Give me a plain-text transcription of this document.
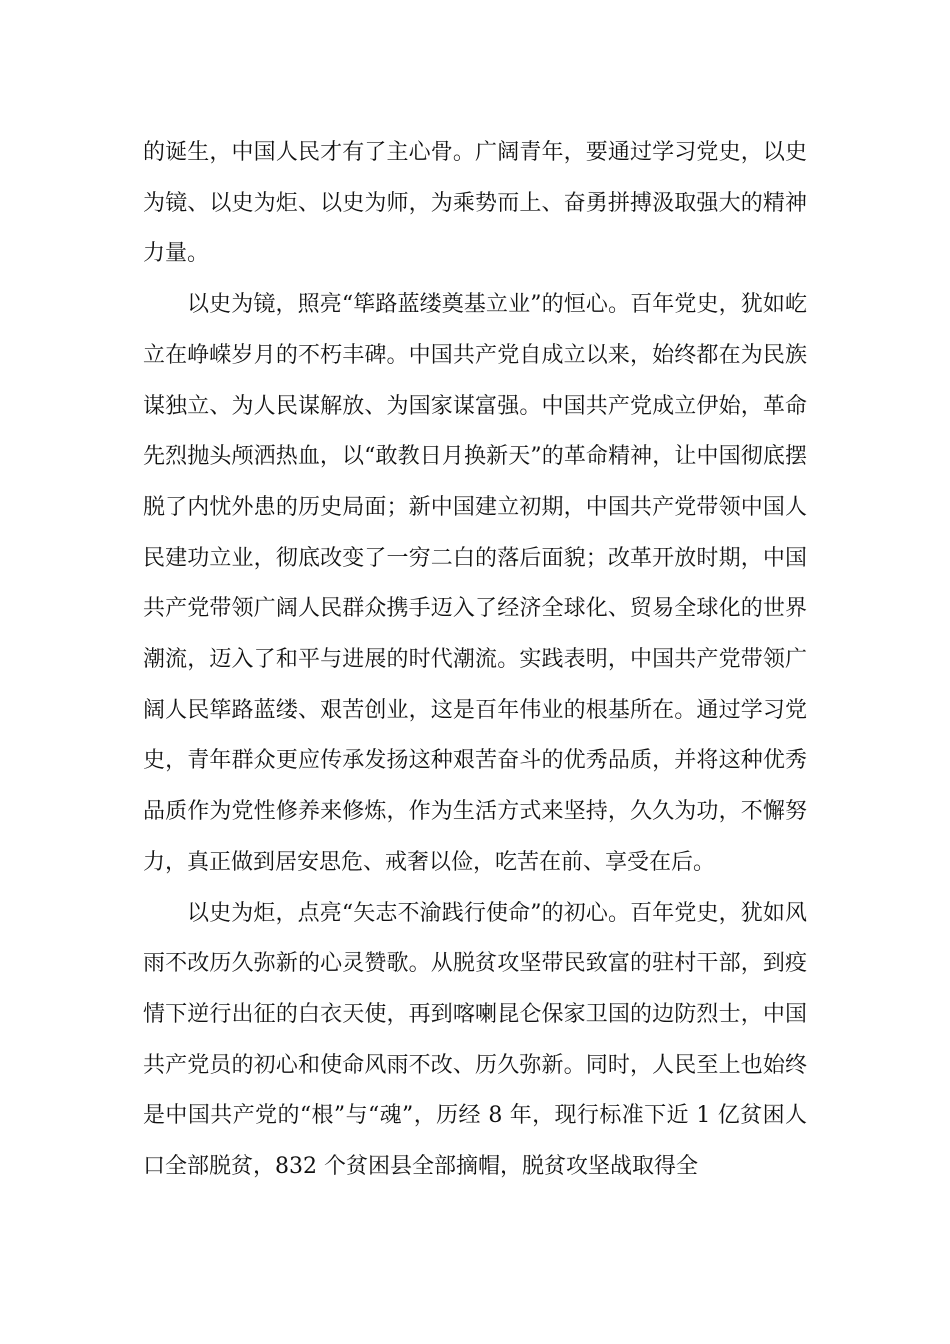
的诞生，中国人民才有了主心骨。广阔青年，要通过学习党史，以史为镜、以史为炬、以史为师，为乘势而上、奋勇拼搏汲取强大的精神力量。

以史为镜，照亮“筚路蓝缕奠基立业”的恒心。百年党史，犹如屹立在峥嵘岁月的不朽丰碑。中国共产党自成立以来，始终都在为民族谋独立、为人民谋解放、为国家谋富强。中国共产党成立伊始，革命先烈抛头颅洒热血，以“敢教日月换新天”的革命精神，让中国彻底摆脱了内忧外患的历史局面；新中国建立初期，中国共产党带领中国人民建功立业，彻底改变了一穷二白的落后面貌；改革开放时期，中国共产党带领广阔人民群众携手迈入了经济全球化、贸易全球化的世界潮流，迈入了和平与进展的时代潮流。实践表明，中国共产党带领广阔人民筚路蓝缕、艰苦创业，这是百年伟业的根基所在。通过学习党史，青年群众更应传承发扬这种艰苦奋斗的优秀品质，并将这种优秀品质作为党性修养来修炼，作为生活方式来坚持，久久为功，不懈努力，真正做到居安思危、戒奢以俭，吃苦在前、享受在后。

以史为炬，点亮“矢志不渝践行使命”的初心。百年党史，犹如风雨不改历久弥新的心灵赞歌。从脱贫攻坚带民致富的驻村干部，到疫情下逆行出征的白衣天使，再到喀喇昆仑保家卫国的边防烈士，中国共产党员的初心和使命风雨不改、历久弥新。同时，人民至上也始终是中国共产党的“根”与“魂”，历经 8 年，现行标准下近 1 亿贫困人口全部脱贫，832 个贫困县全部摘帽，脱贫攻坚战取得全
